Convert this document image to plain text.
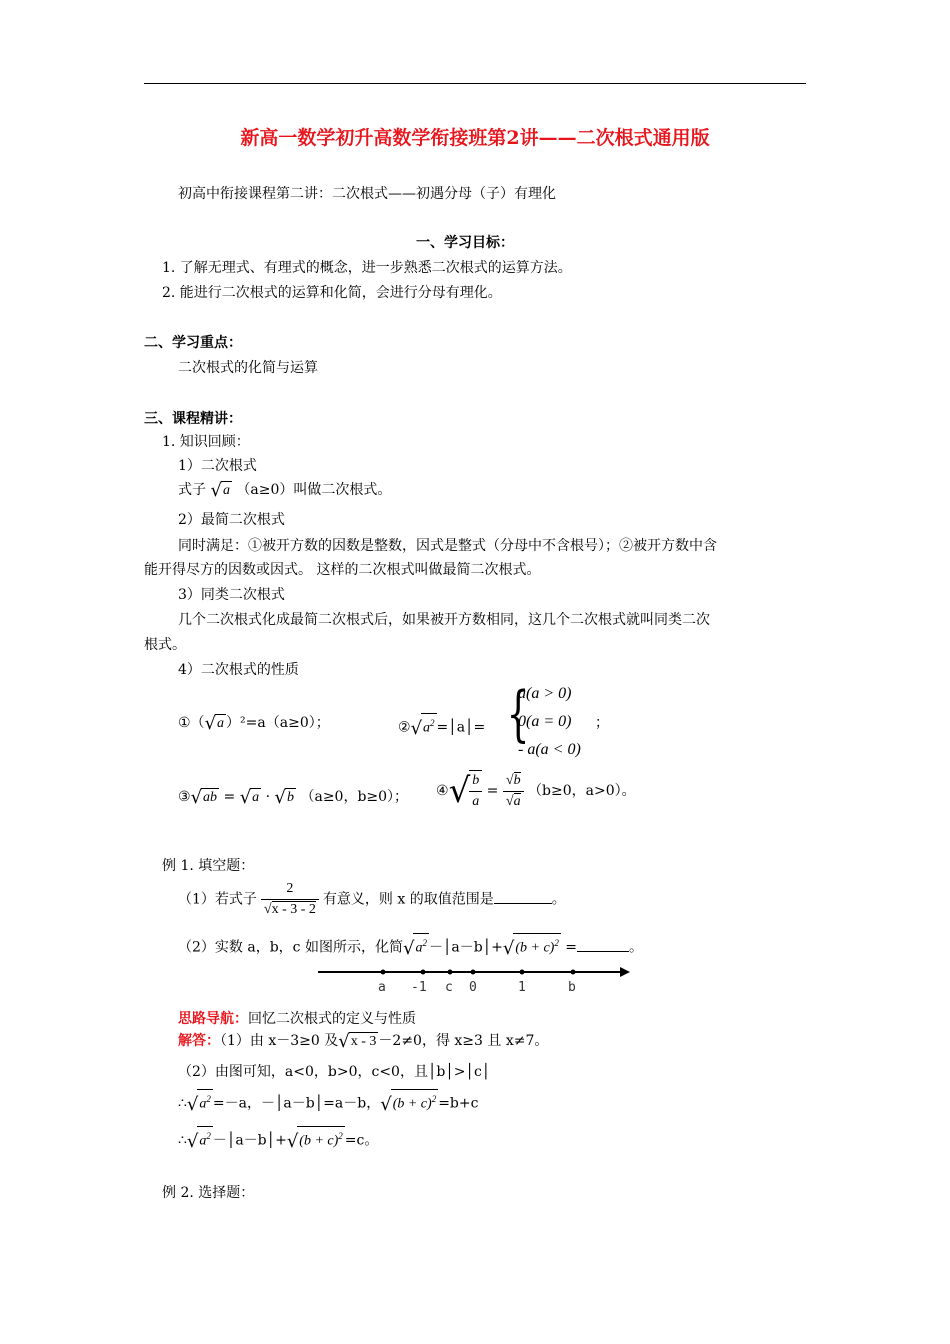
新高一数学初升高数学衔接班第2讲——二次根式通用版
初高中衔接课程第二讲：二次根式——初遇分母（子）有理化
一、学习目标：
1. 了解无理式、有理式的概念，进一步熟悉二次根式的运算方法。
2. 能进行二次根式的运算和化简，会进行分母有理化。
二、学习重点：
二次根式的化简与运算
三、课程精讲：
1. 知识回顾：
1）二次根式
式子 √a （a≥0）叫做二次根式。
2）最简二次根式
同时满足：①被开方数的因数是整数，因式是整式（分母中不含根号）；②被开方数中含
能开得尽方的因数或因式。 这样的二次根式叫做最简二次根式。
3）同类二次根式
几个二次根式化成最简二次根式后，如果被开方数相同，这几个二次根式就叫同类二次
根式。
4）二次根式的性质
①（√a ）²=a（a≥0）；	$②√a^2$ =│a│= {
a(a > 0)
0(a = 0)
- a(a < 0)
；
③√ab = √a · √b （a≥0，b≥0）； ④√ $\frac{b}{a} = \frac{√b}{√a} (b\ge 0$，a>0）。
例 1. 填空题：
（1）若式子 $\frac{2}{√x - 3 - 2}$ 有意义，则 x 的取值范围是	。
（2）实数 a，b，c 如图所示，化简$√a^2$ －│a－b│+√(b + c)$^2$ =	。
a -1 c 0	1	b
思路导航：回忆二次根式的定义与性质
解答：（1）由 x－3≥0 及√x - 3 －2≠0，得 x≥3 且 x≠7。
（2）由图可知，a<0，b>0，c<0，且│b│>│c│
$\therefore√a^2 =-a$，－│a－b│=a－b，$√(b + c)^2 =b+c$
$\therefore√a^2$ －│a－b│+√(b + c)$^2$ =c。
例 2. 选择题：
